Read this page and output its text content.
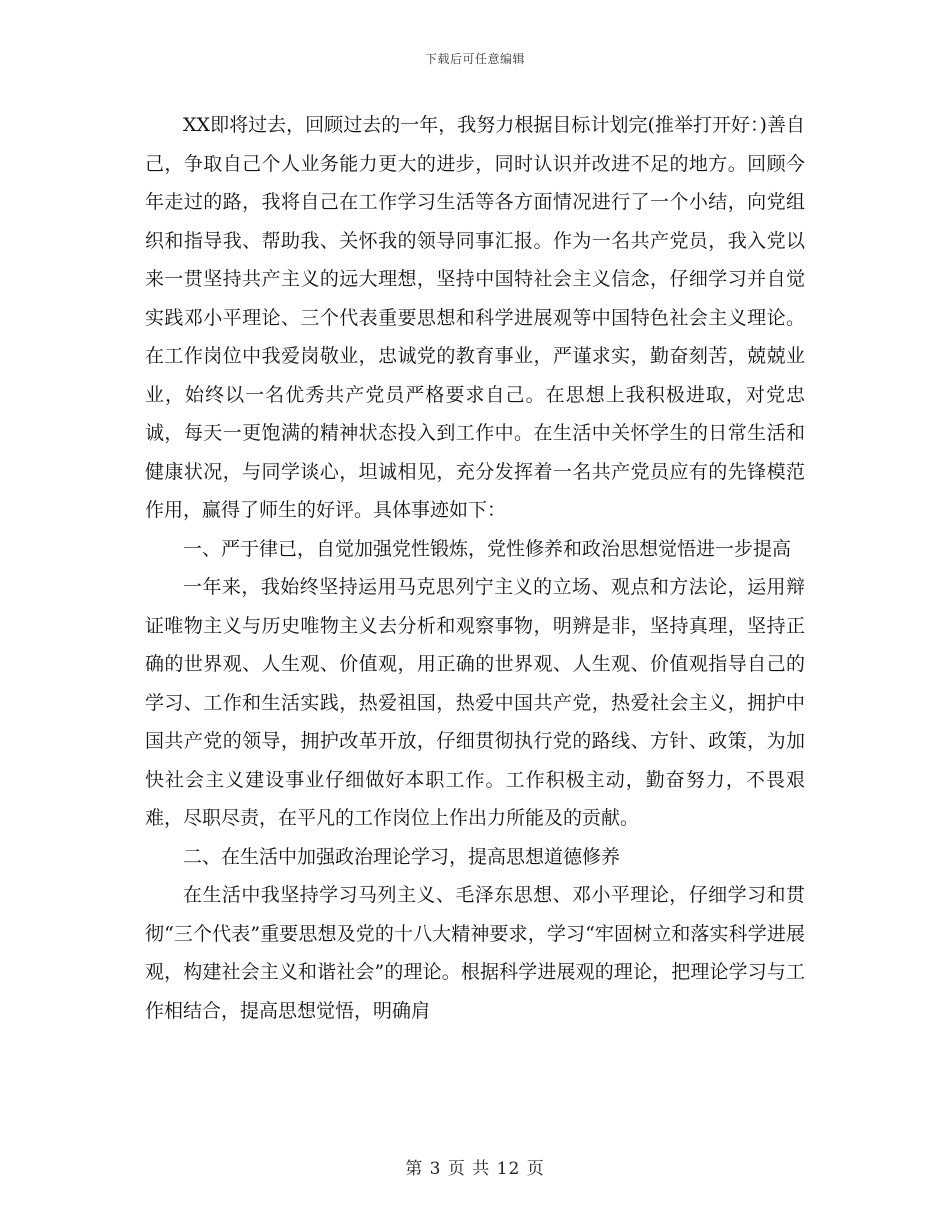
下载后可任意编辑

XX即将过去，回顾过去的一年，我努力根据目标计划完(推举打开好：)善自己，争取自己个人业务能力更大的进步，同时认识并改进不足的地方。回顾今年走过的路，我将自己在工作学习生活等各方面情况进行了一个小结，向党组织和指导我、帮助我、关怀我的领导同事汇报。作为一名共产党员，我入党以来一贯坚持共产主义的远大理想，坚持中国特社会主义信念，仔细学习并自觉实践邓小平理论、三个代表重要思想和科学进展观等中国特色社会主义理论。在工作岗位中我爱岗敬业，忠诚党的教育事业，严谨求实，勤奋刻苦，兢兢业业，始终以一名优秀共产党员严格要求自己。在思想上我积极进取，对党忠诚，每天一更饱满的精神状态投入到工作中。在生活中关怀学生的日常生活和健康状况，与同学谈心，坦诚相见，充分发挥着一名共产党员应有的先锋模范作用，赢得了师生的好评。具体事迹如下：

一、严于律已，自觉加强党性锻炼，党性修养和政治思想觉悟进一步提高

一年来，我始终坚持运用马克思列宁主义的立场、观点和方法论，运用辩证唯物主义与历史唯物主义去分析和观察事物，明辨是非，坚持真理，坚持正确的世界观、人生观、价值观，用正确的世界观、人生观、价值观指导自己的学习、工作和生活实践，热爱祖国，热爱中国共产党，热爱社会主义，拥护中国共产党的领导，拥护改革开放，仔细贯彻执行党的路线、方针、政策，为加快社会主义建设事业仔细做好本职工作。工作积极主动，勤奋努力，不畏艰难，尽职尽责，在平凡的工作岗位上作出力所能及的贡献。

二、在生活中加强政治理论学习，提高思想道德修养

在生活中我坚持学习马列主义、毛泽东思想、邓小平理论，仔细学习和贯彻“三个代表”重要思想及党的十八大精神要求，学习“牢固树立和落实科学进展观，构建社会主义和谐社会”的理论。根据科学进展观的理论，把理论学习与工作相结合，提高思想觉悟，明确肩

第 3 页 共 12 页
